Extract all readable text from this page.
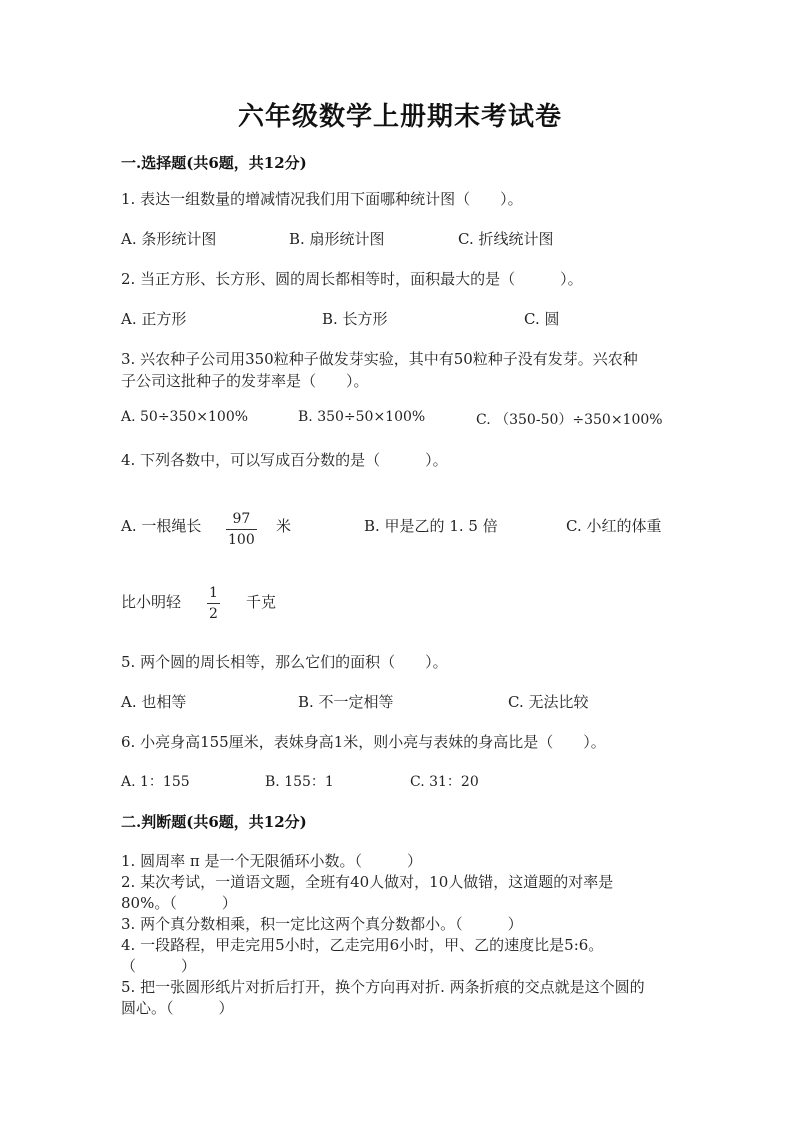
六年级数学上册期末考试卷
一.选择题(共6题，共12分)
1. 表达一组数量的增减情况我们用下面哪种统计图（　　）。
A. 条形统计图	B. 扇形统计图	C. 折线统计图
2. 当正方形、长方形、圆的周长都相等时，面积最大的是（　　　）。
A. 正方形	B. 长方形	C. 圆
3. 兴农种子公司用350粒种子做发芽实验，其中有50粒种子没有发芽。兴农种
子公司这批种子的发芽率是（　　）。
A. 50÷350×100%	B. 350÷50×100%	C. （350-50）÷350×100%
4. 下列各数中，可以写成百分数的是（　　　）。
A. 一根绳长	97
100
米	B. 甲是乙的 1. 5 倍	C. 小红的体重
比小明轻 1
2
千克
5. 两个圆的周长相等，那么它们的面积（　　）。
A. 也相等	B. 不一定相等	C. 无法比较
6. 小亮身高155厘米，表妹身高1米，则小亮与表妹的身高比是（　　）。
A. 1：155	B. 155：1	C. 31：20
二.判断题(共6题，共12分)
1. 圆周率 π 是一个无限循环小数。（　　　）
2. 某次考试，一道语文题，全班有40人做对，10人做错，这道题的对率是
80%。（　　　）
3. 两个真分数相乘，积一定比这两个真分数都小。（　　　）
4. 一段路程，甲走完用5小时，乙走完用6小时，甲、乙的速度比是5:6。
（　　　）
5. 把一张圆形纸片对折后打开，换个方向再对折. 两条折痕的交点就是这个圆的
圆心。（　　　）
